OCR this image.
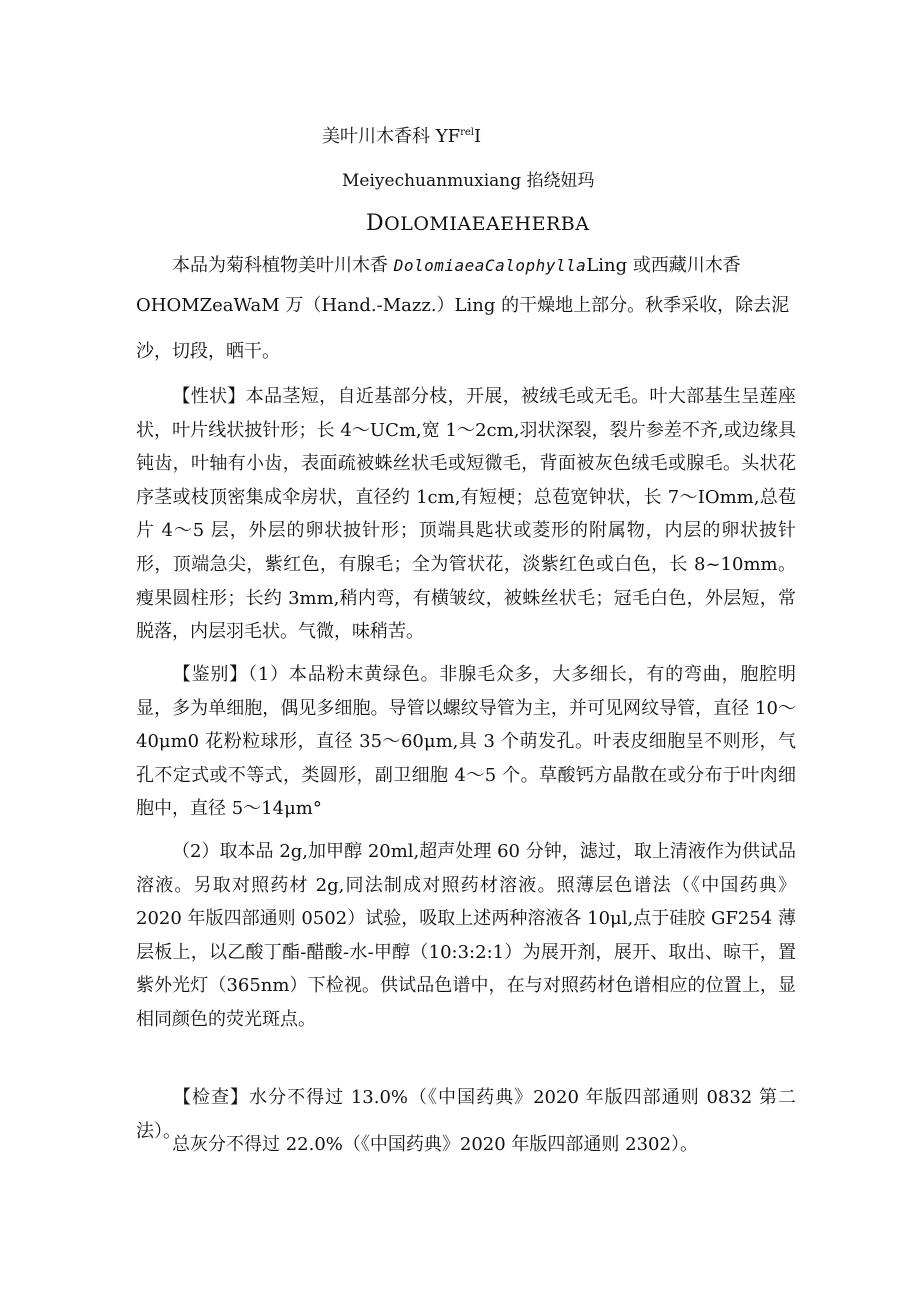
美叶川木香科 $YF^{rel}I$
Meiyechuanmuxiang 掐绕妞玛
DOLOMIAEAEHERBA
本品为菊科植物美叶川木香 DolomiaeaCalophyllaLing 或西藏川木香
OHOMZeaWaM 万（Hand.-Mazz.）Ling 的干燥地上部分。秋季采收，除去泥
沙，切段，晒干。

【性状】本品茎短，自近基部分枝，开展，被绒毛或无毛。叶大部基生呈莲座状，叶片线状披针形；长 4～UCm,宽 1～2cm,羽状深裂，裂片参差不齐,或边缘具钝齿，叶轴有小齿，表面疏被蛛丝状毛或短微毛，背面被灰色绒毛或腺毛。头状花序茎或枝顶密集成伞房状，直径约 1cm,有短梗；总苞宽钟状，长 7～IOmm,总苞片 4～5 层，外层的卵状披针形；顶端具匙状或菱形的附属物，内层的卵状披针形，顶端急尖，紫红色，有腺毛；全为管状花，淡紫红色或白色，长 8~10mm。瘦果圆柱形；长约 3mm,稍内弯，有横皱纹，被蛛丝状毛；冠毛白色，外层短，常脱落，内层羽毛状。气微，味稍苦。

【鉴别】（1）本品粉末黄绿色。非腺毛众多，大多细长，有的弯曲，胞腔明显，多为单细胞，偶见多细胞。导管以螺纹导管为主，并可见网纹导管，直径 10～40μm0 花粉粒球形，直径 35～60μm,具 3 个萌发孔。叶表皮细胞呈不则形，气孔不定式或不等式，类圆形，副卫细胞 4～5 个。草酸钙方晶散在或分布于叶肉细胞中，直径 5～14μm°

（2）取本品 2g,加甲醇 20ml,超声处理 60 分钟，滤过，取上清液作为供试品溶液。另取对照药材 2g,同法制成对照药材溶液。照薄层色谱法（《中国药典》2020 年版四部通则 0502）试验，吸取上述两种溶液各 10μl,点于硅胶 GF254 薄层板上，以乙酸丁酯-醋酸-水-甲醇（10:3:2:1）为展开剂，展开、取出、晾干，置紫外光灯（365nm）下检视。供试品色谱中，在与对照药材色谱相应的位置上，显相同颜色的荧光斑点。

【检查】水分不得过 13.0%（《中国药典》2020 年版四部通则 0832 第二法）。

总灰分不得过 22.0%（《中国药典》2020 年版四部通则 2302）。
